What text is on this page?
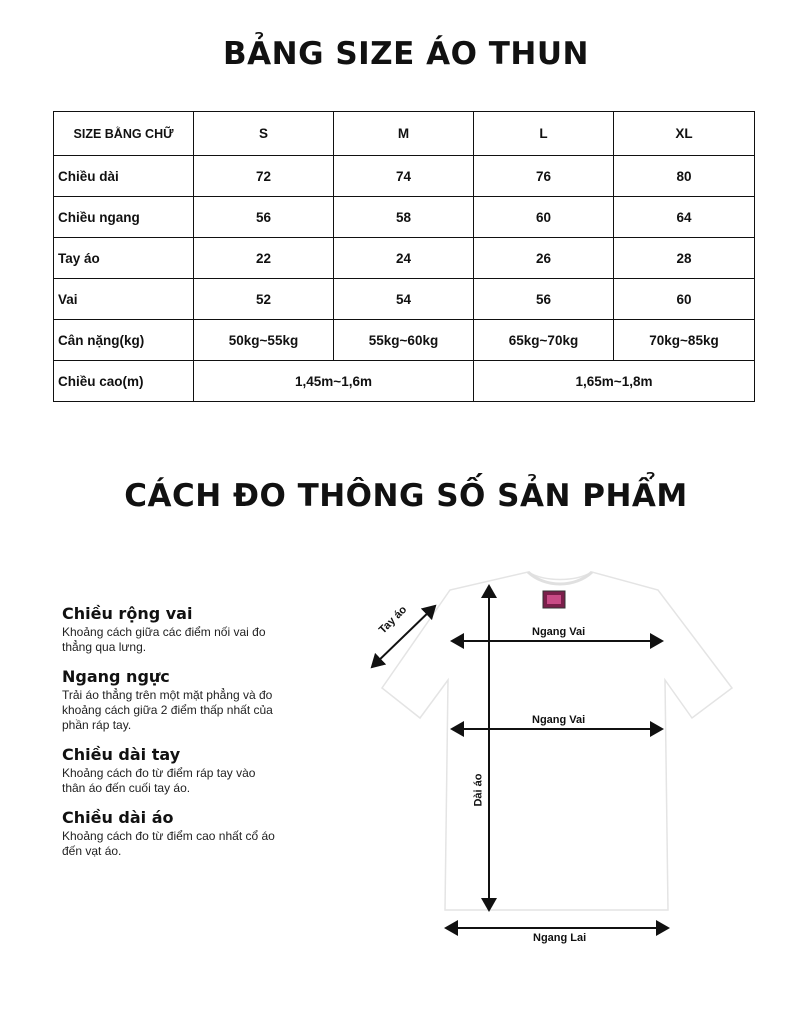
BẢNG SIZE ÁO THUN
SIZE BẰNG CHỮ	S	M	L	XL
Chiều dài	72	74	76	80
Chiều ngang	56	58	60	64
Tay áo	22	24	26	28
Vai	52	54	56	60
Cân nặng(kg)	50kg~55kg	55kg~60kg	65kg~70kg	70kg~85kg
Chiều cao(m)	1,45m~1,6m		1,65m~1,8m	
CÁCH ĐO THÔNG SỐ SẢN PHẨM
Chiều rộng vai
Khoảng cách giữa các điểm nối vai đo thẳng qua lưng.
Ngang ngực
Trải áo thẳng trên một mặt phẳng và đo khoảng cách giữa 2 điểm thấp nhất của phần ráp tay.
Chiều dài tay
Khoảng cách đo từ điểm ráp tay vào thân áo đến cuối tay áo.
Chiều dài áo
Khoảng cách đo từ điểm cao nhất cổ áo đến vạt áo.
Ngang Vai
Ngang Vai
Ngang Lai
Dài áo
Tay áo
